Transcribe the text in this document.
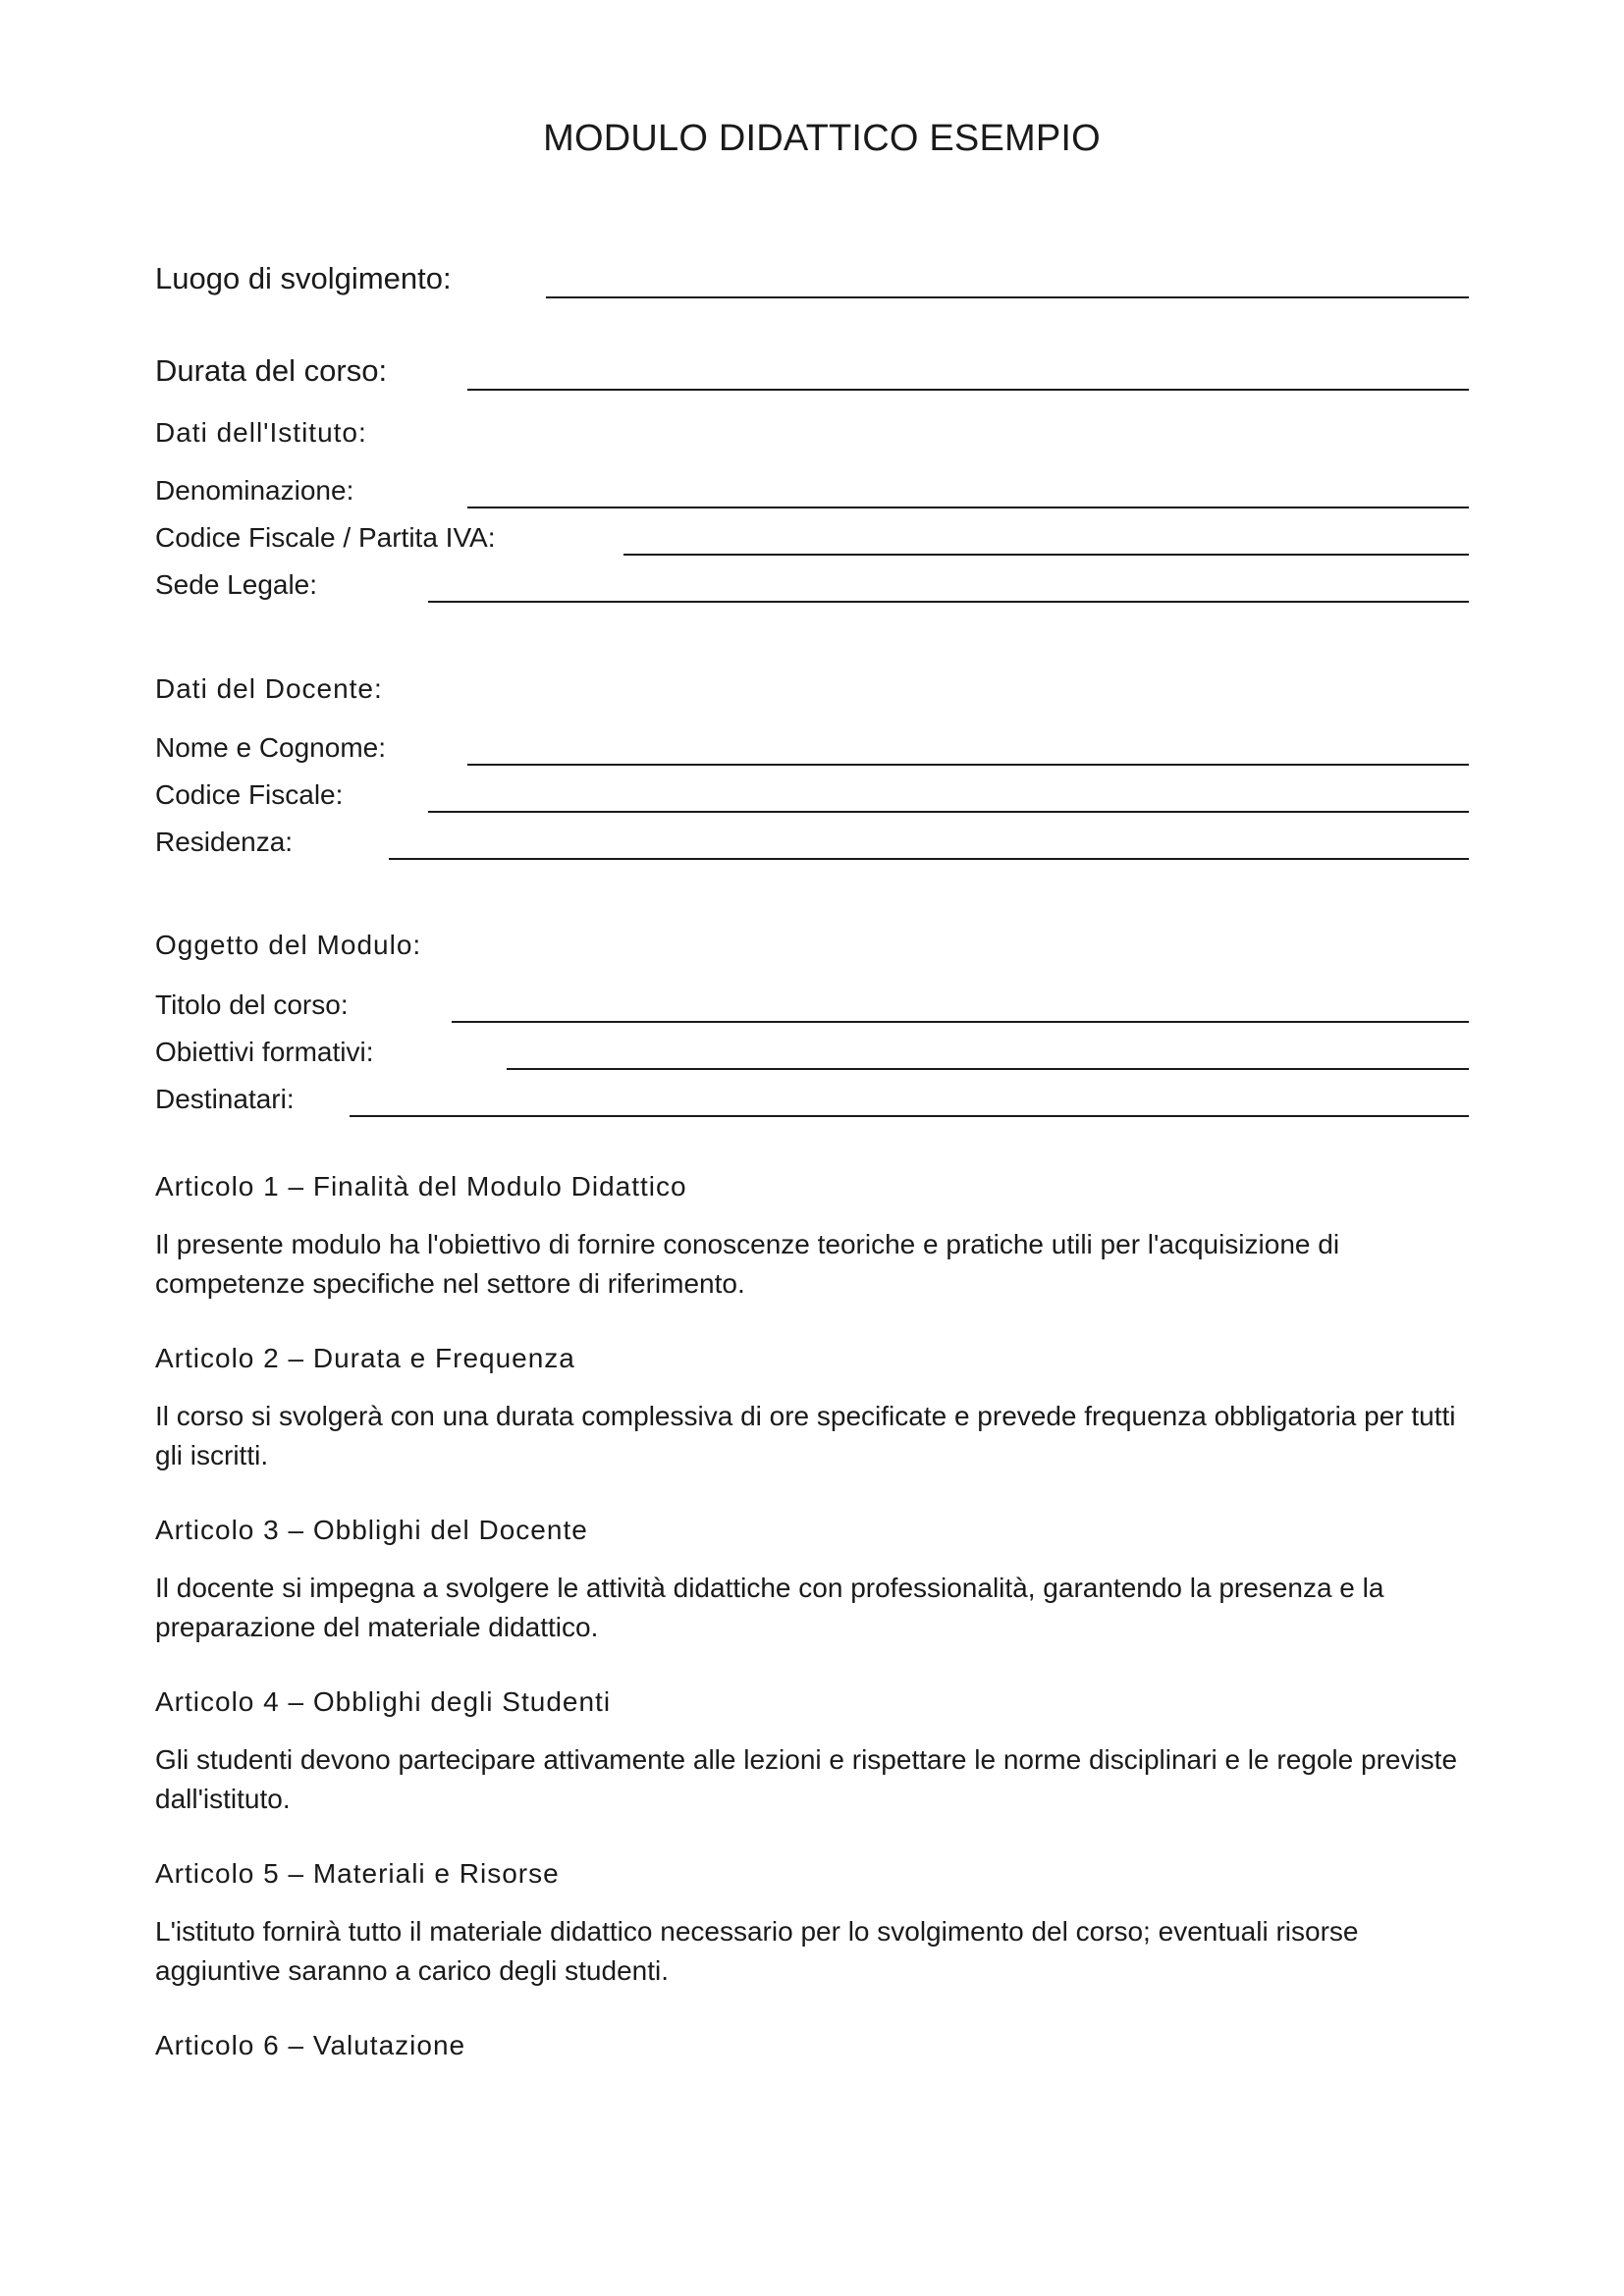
MODULO DIDATTICO ESEMPIO
Luogo di svolgimento:
Durata del corso:
Dati dell'Istituto:
Denominazione:
Codice Fiscale / Partita IVA:
Sede Legale:
Dati del Docente:
Nome e Cognome:
Codice Fiscale:
Residenza:
Oggetto del Modulo:
Titolo del corso:
Obiettivi formativi:
Destinatari:
Articolo 1 – Finalità del Modulo Didattico
Il presente modulo ha l'obiettivo di fornire conoscenze teoriche e pratiche utili per l'acquisizione di
competenze specifiche nel settore di riferimento.
Articolo 2 – Durata e Frequenza
Il corso si svolgerà con una durata complessiva di ore specificate e prevede frequenza obbligatoria per tutti
gli iscritti.
Articolo 3 – Obblighi del Docente
Il docente si impegna a svolgere le attività didattiche con professionalità, garantendo la presenza e la
preparazione del materiale didattico.
Articolo 4 – Obblighi degli Studenti
Gli studenti devono partecipare attivamente alle lezioni e rispettare le norme disciplinari e le regole previste
dall'istituto.
Articolo 5 – Materiali e Risorse
L'istituto fornirà tutto il materiale didattico necessario per lo svolgimento del corso; eventuali risorse
aggiuntive saranno a carico degli studenti.
Articolo 6 – Valutazione
